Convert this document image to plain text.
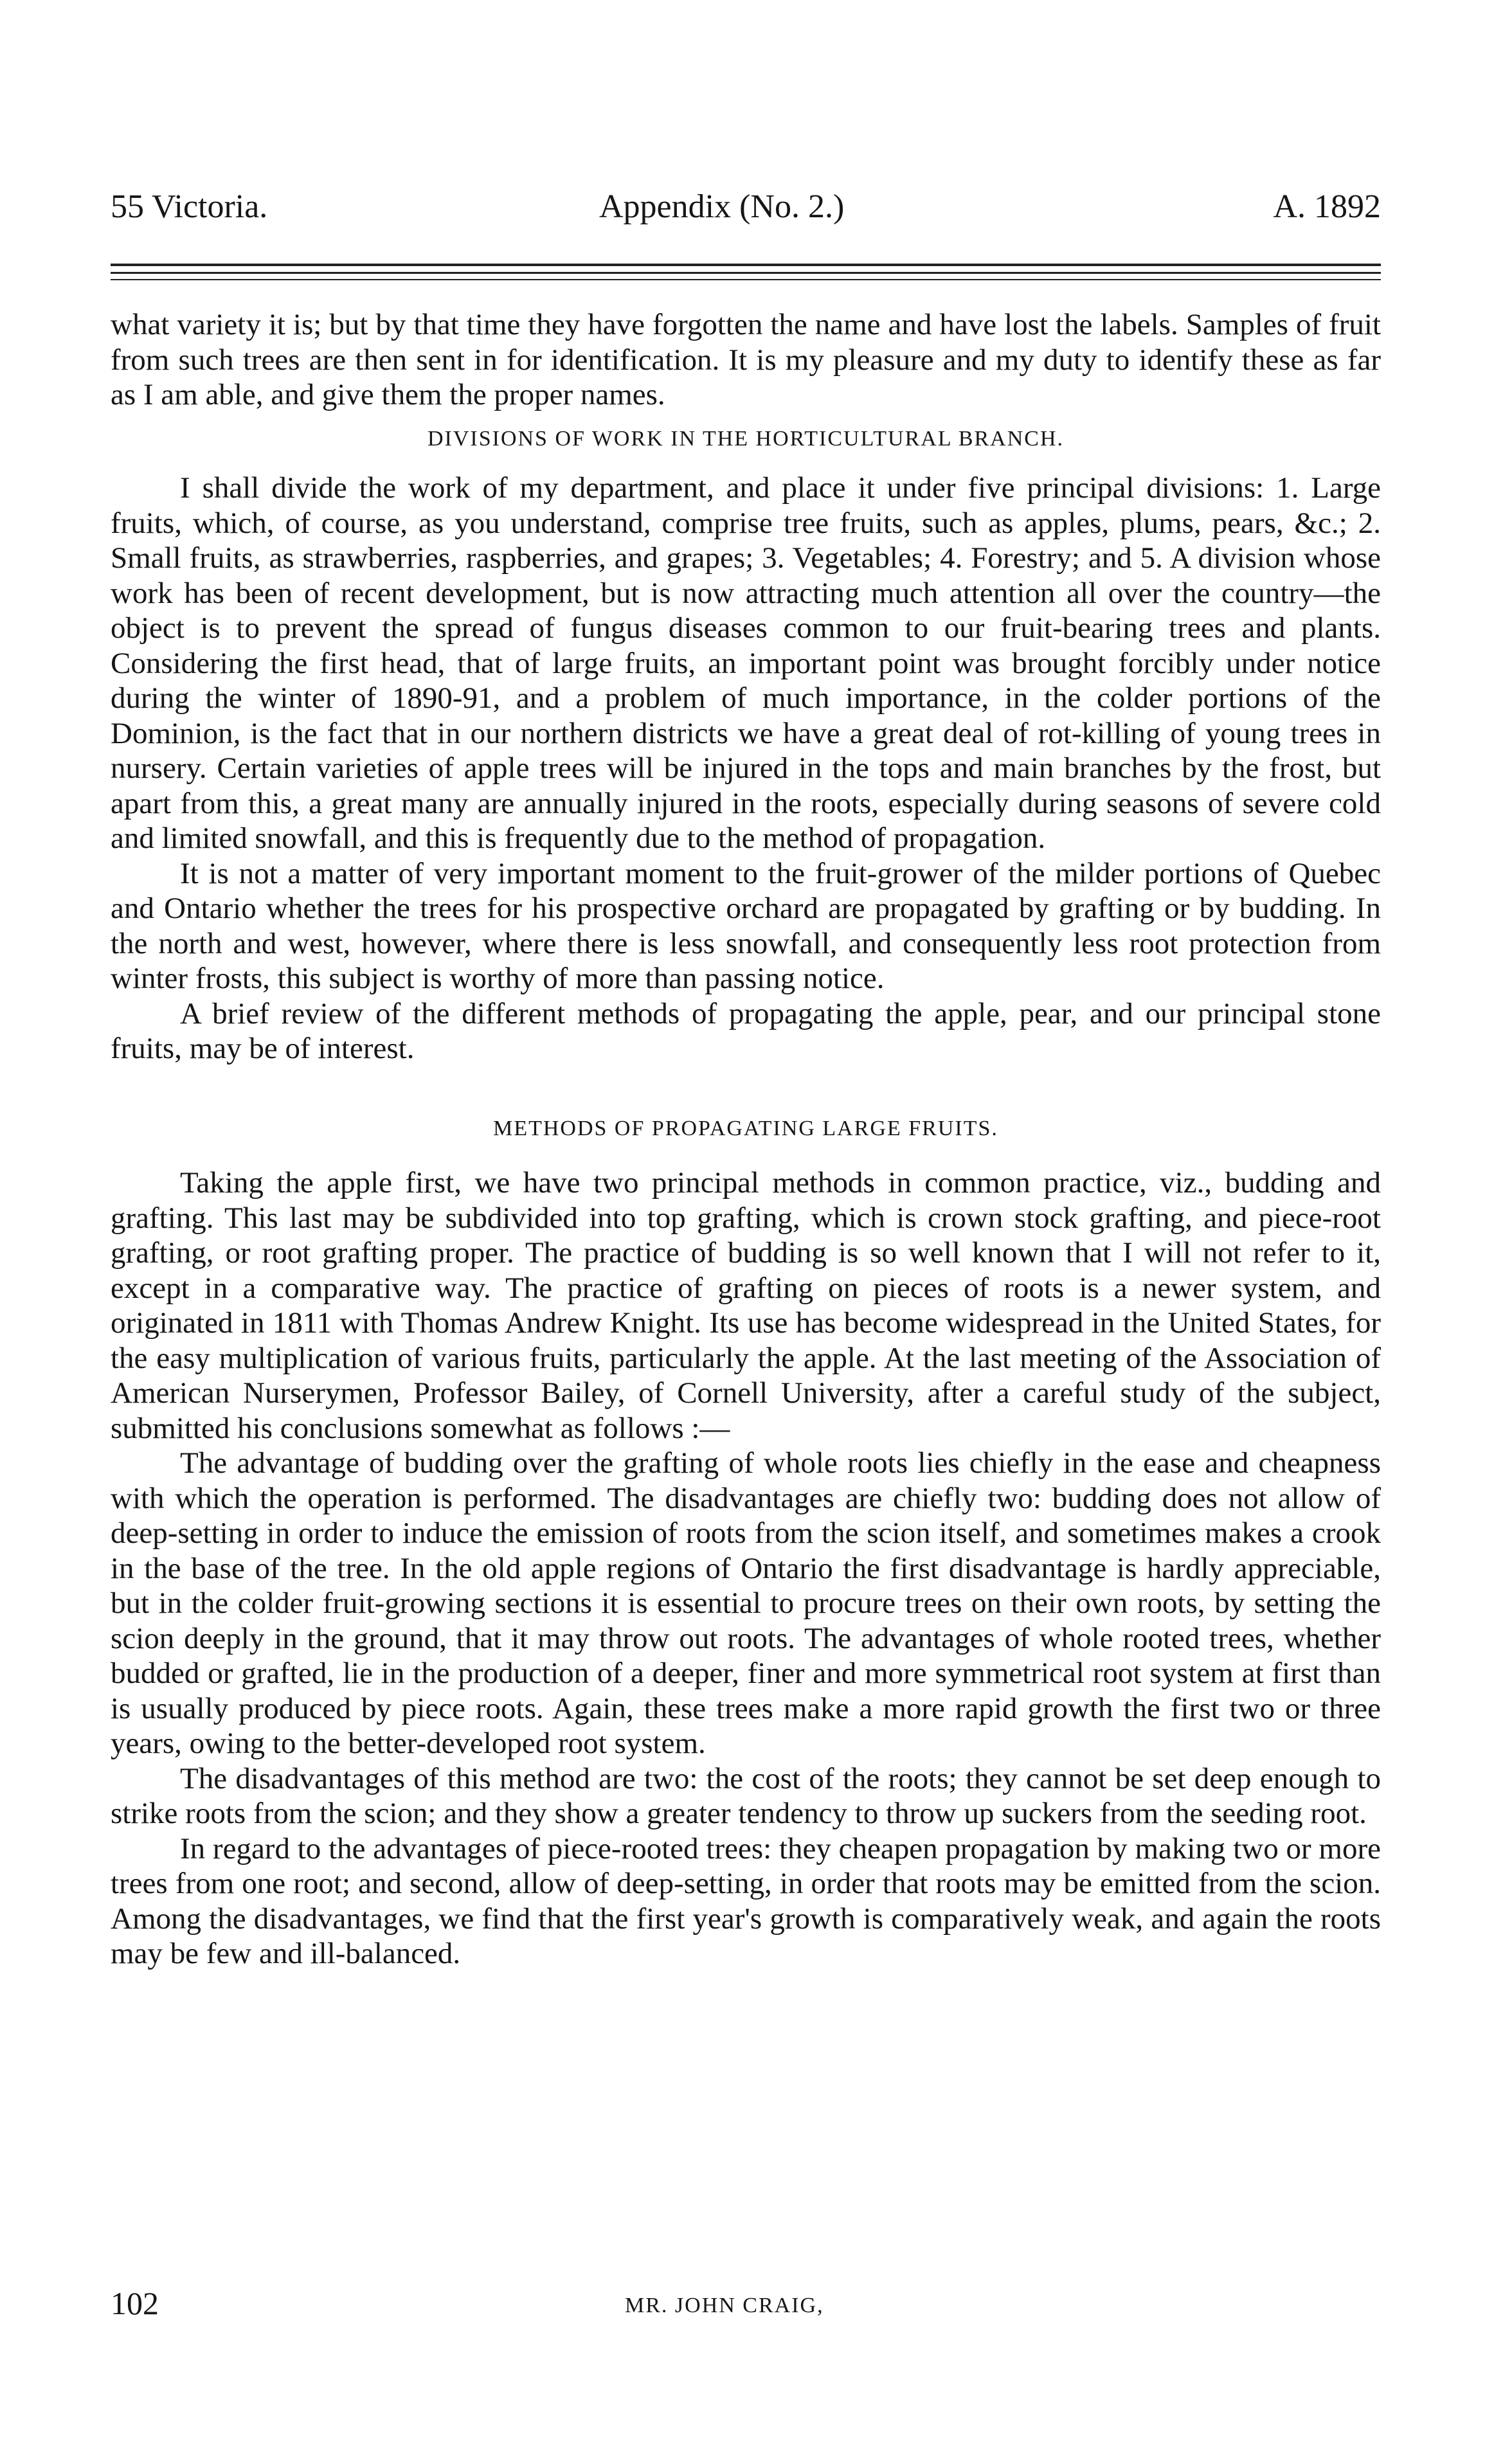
55 Victoria.	Appendix (No. 2.)	A. 1892

what variety it is; but by that time they have forgotten the name and have lost the labels. Samples of fruit from such trees are then sent in for identification. It is my pleasure and my duty to identify these as far as I am able, and give them the proper names.

DIVISIONS OF WORK IN THE HORTICULTURAL BRANCH.

I shall divide the work of my department, and place it under five principal divisions: 1. Large fruits, which, of course, as you understand, comprise tree fruits, such as apples, plums, pears, &c.; 2. Small fruits, as strawberries, raspberries, and grapes; 3. Vegetables; 4. Forestry; and 5. A division whose work has been of recent development, but is now attracting much attention all over the country—the object is to prevent the spread of fungus diseases common to our fruit-bearing trees and plants. Considering the first head, that of large fruits, an important point was brought forcibly under notice during the winter of 1890-91, and a problem of much importance, in the colder portions of the Dominion, is the fact that in our northern districts we have a great deal of rot-killing of young trees in nursery. Certain varieties of apple trees will be injured in the tops and main branches by the frost, but apart from this, a great many are annually injured in the roots, especially during seasons of severe cold and limited snowfall, and this is frequently due to the method of propagation.

It is not a matter of very important moment to the fruit-grower of the milder portions of Quebec and Ontario whether the trees for his prospective orchard are propagated by grafting or by budding. In the north and west, however, where there is less snowfall, and consequently less root protection from winter frosts, this subject is worthy of more than passing notice.

A brief review of the different methods of propagating the apple, pear, and our principal stone fruits, may be of interest.

METHODS OF PROPAGATING LARGE FRUITS.

Taking the apple first, we have two principal methods in common practice, viz., budding and grafting. This last may be subdivided into top grafting, which is crown stock grafting, and piece-root grafting, or root grafting proper. The practice of budding is so well known that I will not refer to it, except in a comparative way. The practice of grafting on pieces of roots is a newer system, and originated in 1811 with Thomas Andrew Knight. Its use has become widespread in the United States, for the easy multiplication of various fruits, particularly the apple. At the last meeting of the Association of American Nurserymen, Professor Bailey, of Cornell University, after a careful study of the subject, submitted his conclusions somewhat as follows :—

The advantage of budding over the grafting of whole roots lies chiefly in the ease and cheapness with which the operation is performed. The disadvantages are chiefly two: budding does not allow of deep-setting in order to induce the emission of roots from the scion itself, and sometimes makes a crook in the base of the tree. In the old apple regions of Ontario the first disadvantage is hardly appreciable, but in the colder fruit-growing sections it is essential to procure trees on their own roots, by setting the scion deeply in the ground, that it may throw out roots. The advantages of whole rooted trees, whether budded or grafted, lie in the production of a deeper, finer and more symmetrical root system at first than is usually produced by piece roots. Again, these trees make a more rapid growth the first two or three years, owing to the better-developed root system.

The disadvantages of this method are two: the cost of the roots; they cannot be set deep enough to strike roots from the scion; and they show a greater tendency to throw up suckers from the seeding root.

In regard to the advantages of piece-rooted trees: they cheapen propagation by making two or more trees from one root; and second, allow of deep-setting, in order that roots may be emitted from the scion. Among the disadvantages, we find that the first year's growth is comparatively weak, and again the roots may be few and ill-balanced.

102	MR. JOHN CRAIG,
